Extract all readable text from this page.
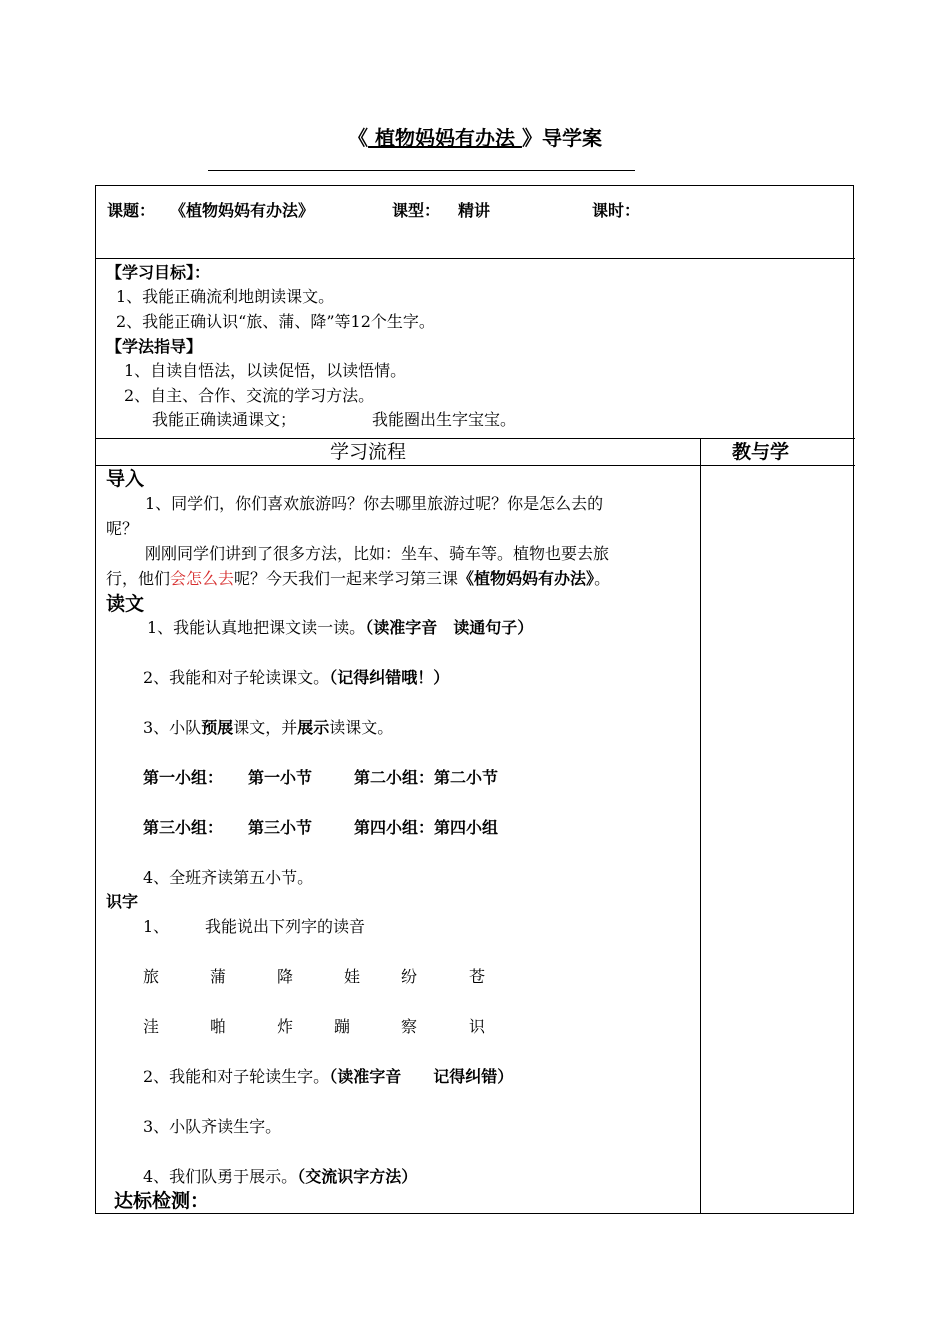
《 植物妈妈有办法 》导学案
课题： 《植物妈妈有办法》	课型： 精讲	课时：
【学习目标】：
1、我能正确流利地朗读课文。
2、我能正确认识“旅、蒲、降”等12个生字。
【学法指导】
1、自读自悟法，以读促悟，以读悟情。
2、自主、合作、交流的学习方法。
我能正确读通课文；	我能圈出生字宝宝。
学习流程	教与学
导入
1、同学们，你们喜欢旅游吗？你去哪里旅游过呢？你是怎么去的
呢？
刚刚同学们讲到了很多方法，比如：坐车、骑车等。植物也要去旅
行，他们会怎么去呢？今天我们一起来学习第三课《植物妈妈有办法》。
读文
1、我能认真地把课文读一读。（读准字音　读通句子）
2、我能和对子轮读课文。（记得纠错哦！）
3、小队预展课文，并展示读课文。
第一小组： 第一小节	第二小组：第二小节
第三小组： 第三小节	第四小组：第四小组
4、全班齐读第五小节。
识字
1、 我能说出下列字的读音
旅	蒲	降	娃	纷	苍
洼	啪	炸	蹦	察	识
2、我能和对子轮读生字。（读准字音　　记得纠错）
3、小队齐读生字。
4、我们队勇于展示。（交流识字方法）
达标检测：
